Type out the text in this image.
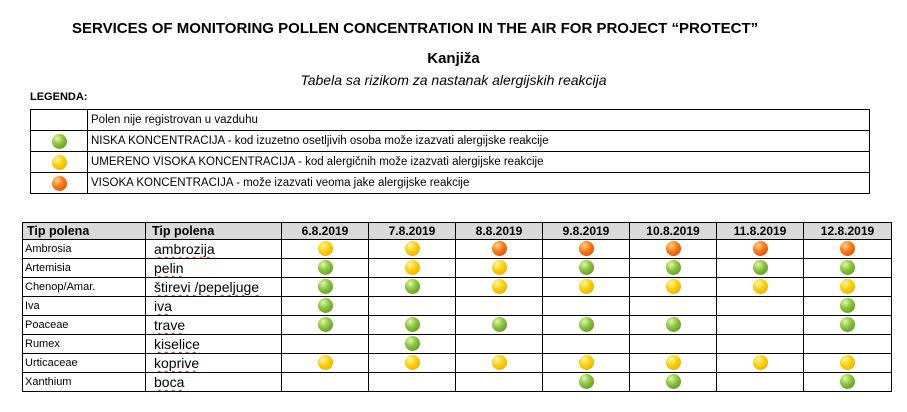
SERVICES OF MONITORING POLLEN CONCENTRATION IN THE AIR FOR PROJECT “PROTECT”
Kanjiža
Tabela sa rizikom za nastanak alergijskih reakcija
LEGENDA:
	Polen nije registrovan u vazduhu
	NISKA KONCENTRACIJA - kod izuzetno osetljivih osoba može izazvati alergijske reakcije
	UMERENO VISOKA KONCENTRACIJA - kod alergičnih može izazvati alergijske reakcije
	VISOKA KONCENTRACIJA - može izazvati veoma jake alergijske reakcije
Tip polena	Tip polena	6.8.2019	7.8.2019	8.8.2019	9.8.2019	10.8.2019	11.8.2019	12.8.2019
Ambrosia	ambrozija							
Artemisia	pelin							
Chenop/Amar.	štirevi /pepeljuge							
Iva	iva							
Poaceae	trave							
Rumex	kiselice							
Urticaceae	koprive							
Xanthium	boca							
